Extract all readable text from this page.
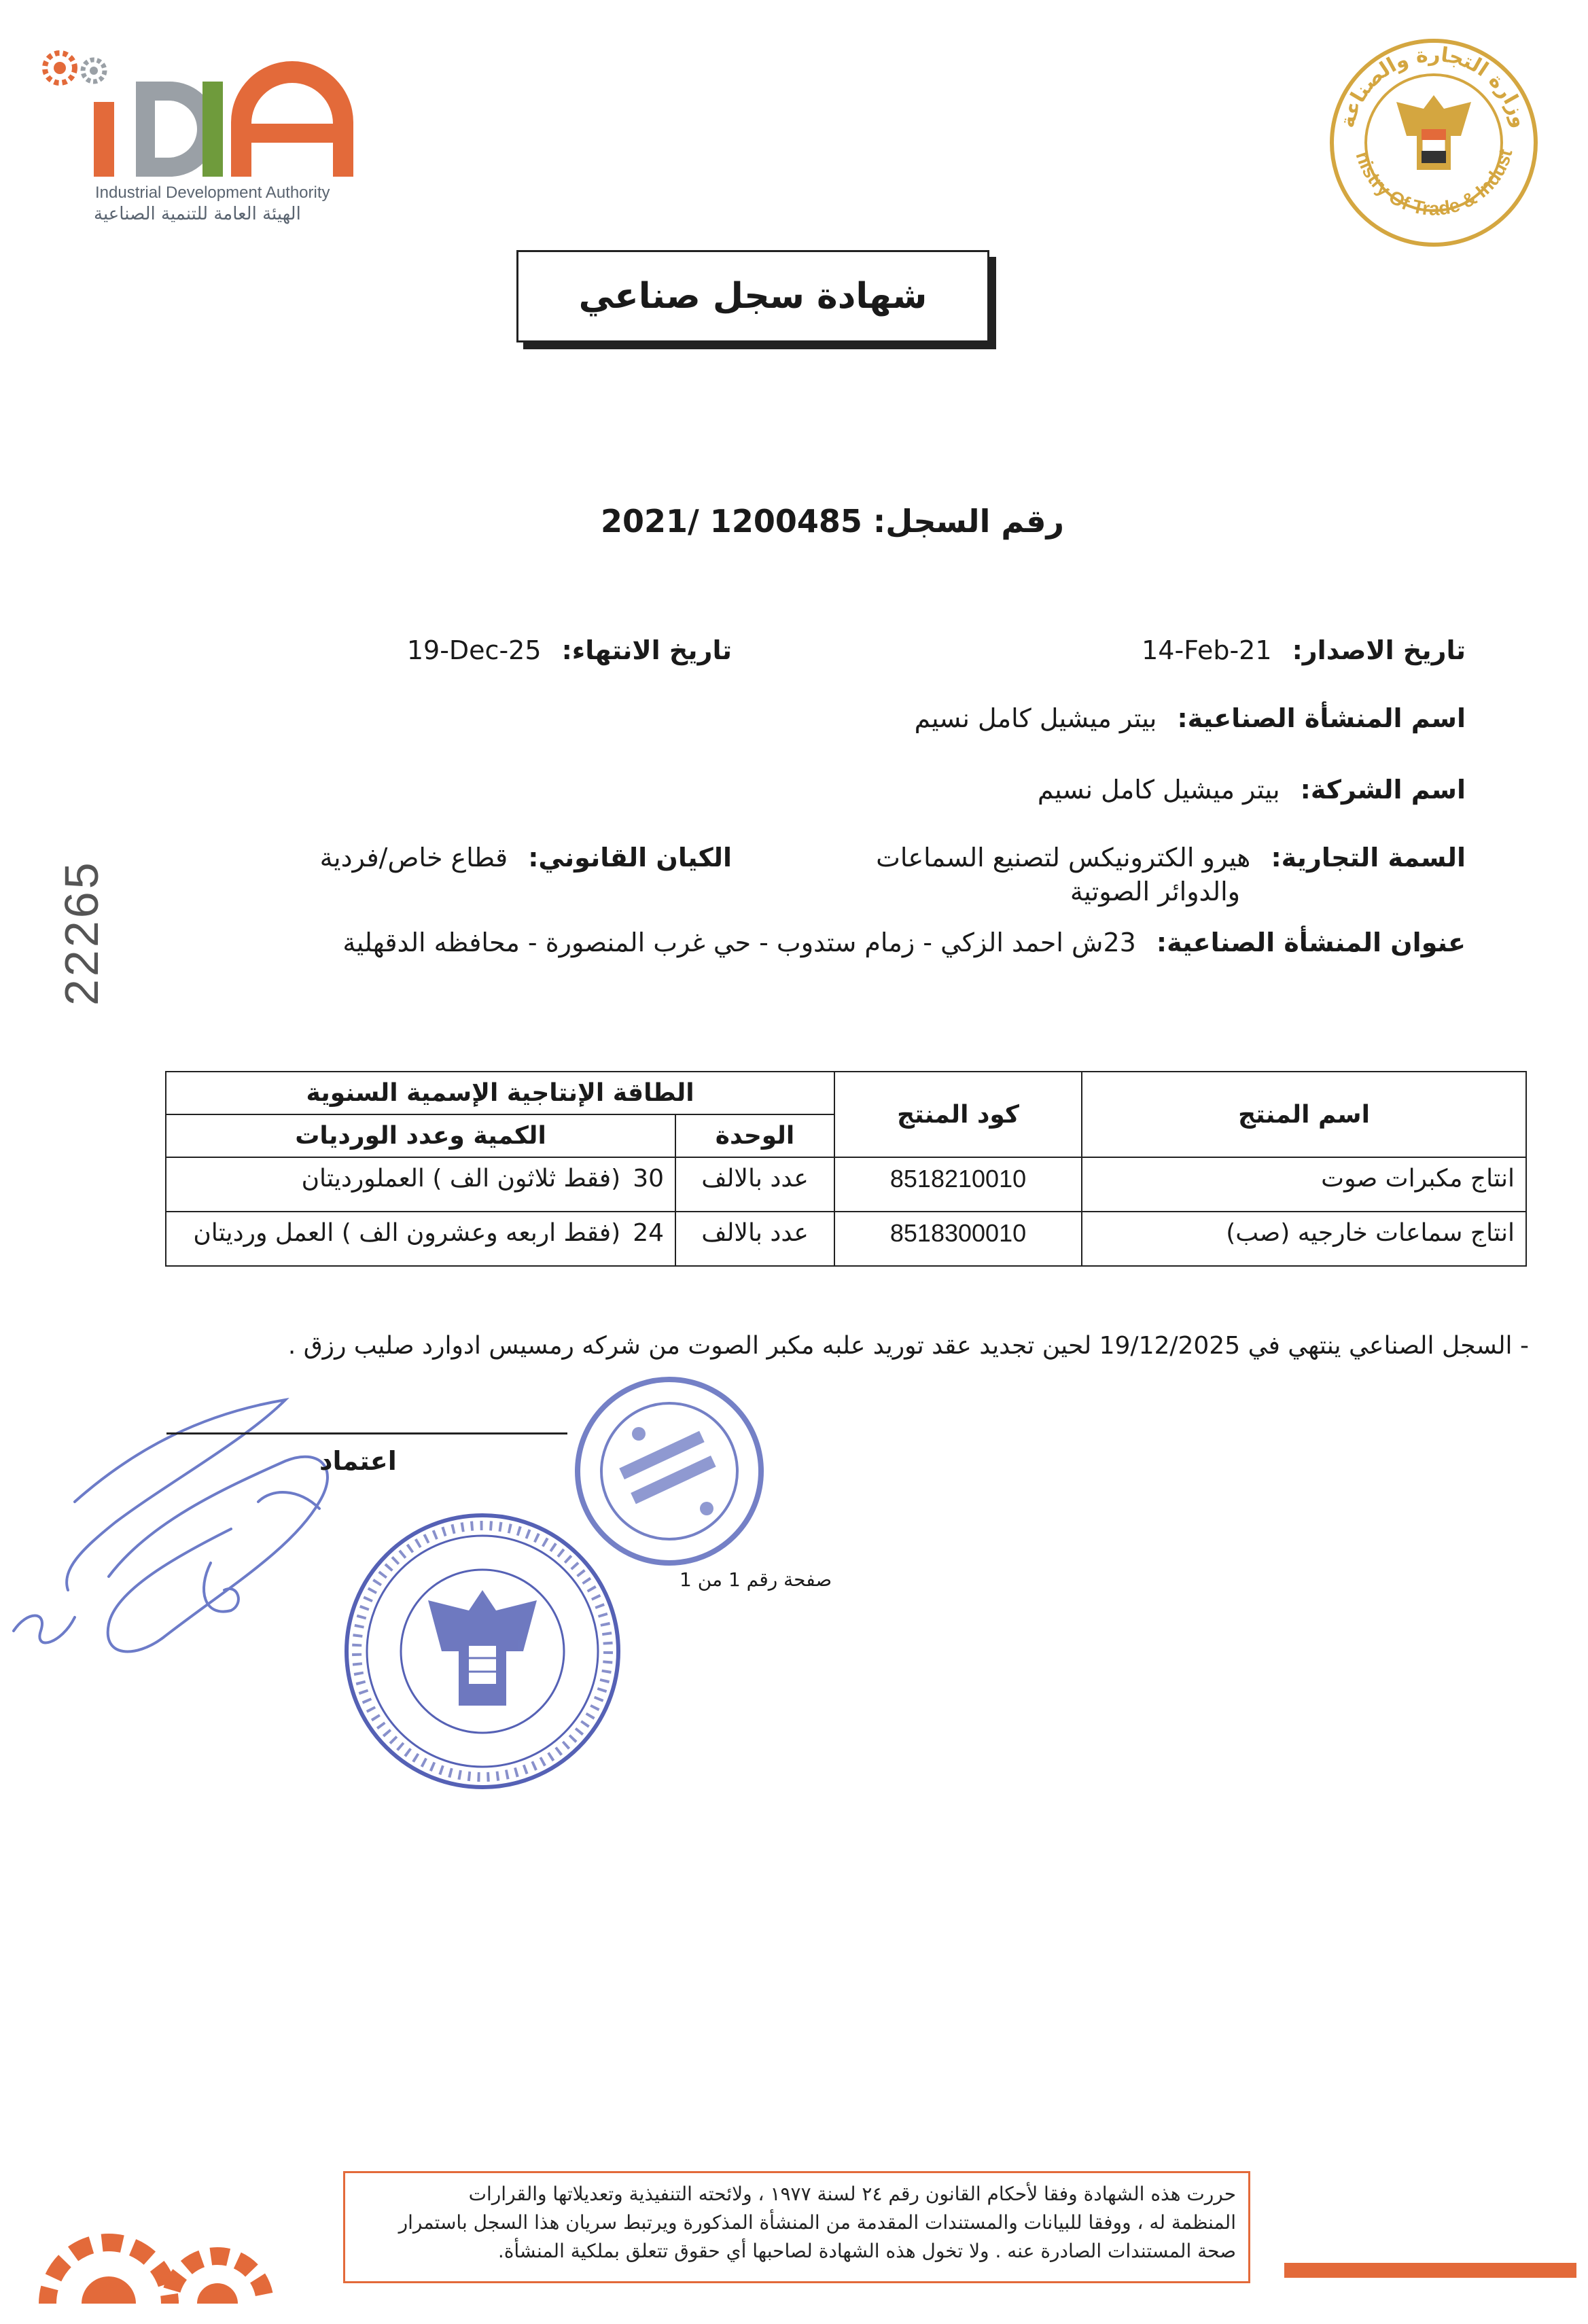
Industrial Development Authority
الهيئة العامة للتنمية الصناعية
وزارة التجارة والصناعة
nistry Of Trade & Indust
شهادة سجل صناعي
رقم السجل: 2021/ 1200485
تاريخ الاصدار: 14-Feb-21
تاريخ الانتهاء: 19-Dec-25
اسم المنشأة الصناعية: بيتر ميشيل كامل نسيم
اسم الشركة: بيتر ميشيل كامل نسيم
السمة التجارية: هيرو الكترونيكس لتصنيع السماعات
والدوائر الصوتية
الكيان القانوني: قطاع خاص/فردية
عنوان المنشأة الصناعية: 23ش احمد الزكي - زمام ستدوب - حي غرب المنصورة - محافظه الدقهلية
22265
اسم المنتج	كود المنتج	الطاقة الإنتاجية الإسمية السنوية	
		الوحدة	الكمية وعدد الورديات
انتاج مكبرات صوت	8518210010	عدد بالالف	30
(فقط ثلاثون الف ) العملورديتان

انتاج سماعات خارجيه (صب)	8518300010	عدد بالالف	24
(فقط اربعه وعشرون الف ) العمل ورديتان
- السجل الصناعي ينتهي في 19/12/2025 لحين تجديد عقد توريد علبه مكبر الصوت من شركه رمسيس ادوارد صليب رزق .
اعتماد
صفحة رقم 1 من 1
حررت هذه الشهادة وفقا لأحكام القانون رقم ٢٤ لسنة ١٩٧٧ ، ولائحته التنفيذية وتعديلاتها والقرارات
المنظمة له ، ووفقا للبيانات والمستندات المقدمة من المنشأة المذكورة ويرتبط سريان هذا السجل باستمرار
صحة المستندات الصادرة عنه . ولا تخول هذه الشهادة لصاحبها أي حقوق تتعلق بملكية المنشأة.
